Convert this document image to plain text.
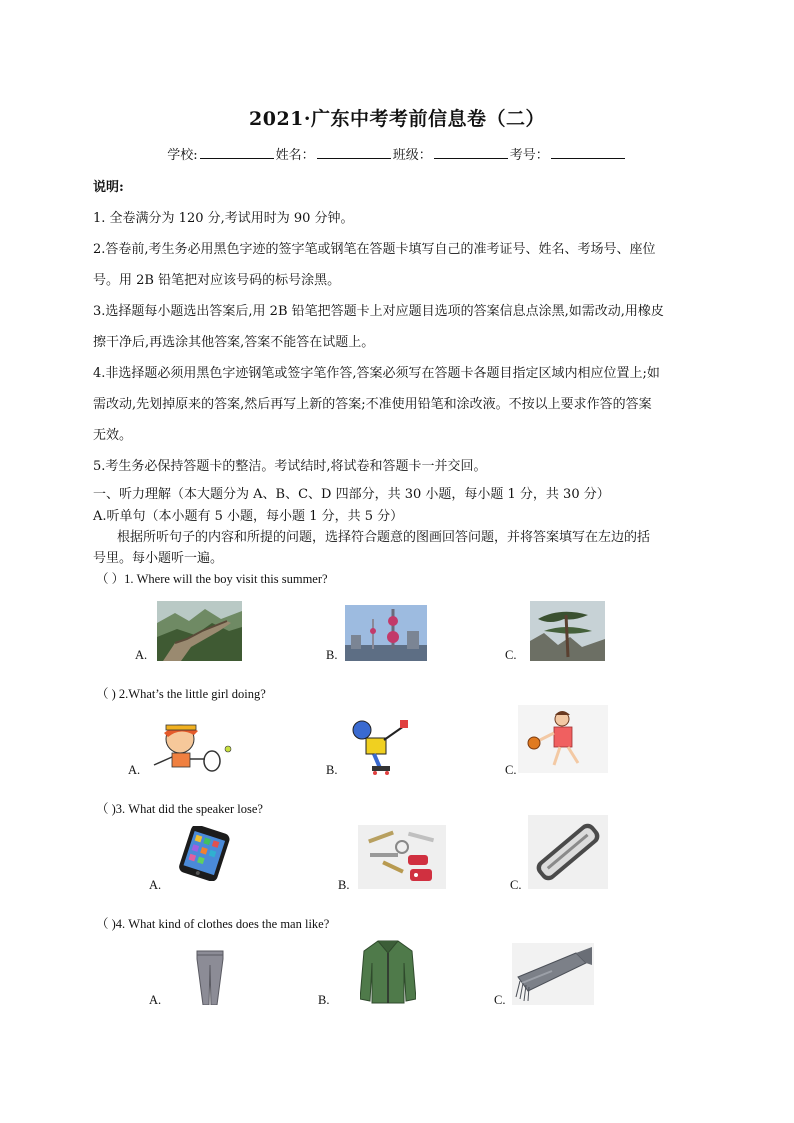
2021·广东中考考前信息卷（二）
学校:	姓名：	班级：	考号：
说明:
1. 全卷满分为 120 分,考试用时为 90 分钟。
2.答卷前,考生务必用黑色字迹的签字笔或钢笔在答题卡填写自己的准考证号、姓名、考场号、座位
号。用 2B 铅笔把对应该号码的标号涂黑。
3.选择题每小题选出答案后,用 2B 铅笔把答题卡上对应题目选项的答案信息点涂黑,如需改动,用橡皮
擦干净后,再选涂其他答案,答案不能答在试题上。
4.非选择题必须用黑色字迹钢笔或签字笔作答,答案必须写在答题卡各题目指定区域内相应位置上;如
需改动,先划掉原来的答案,然后再写上新的答案;不准使用铅笔和涂改液。不按以上要求作答的答案
无效。
5.考生务必保持答题卡的整洁。考试结时,将试卷和答题卡一并交回。
一、听力理解（本大题分为 A、B、C、D 四部分，共 30 小题，每小题 1 分，共 30 分）
A.听单句（本小题有 5 小题，每小题 1 分，共 5 分）
根据所听句子的内容和所提的问题，选择符合题意的图画回答问题，并将答案填写在左边的括
号里。每小题听一遍。
（ ）1. Where will the boy visit this summer?
A.	B.	C.
（ ) 2.What’s the little girl doing?
A.	B.	C.
（ )3. What did the speaker lose?
A.	B.	C.
（ )4. What kind of clothes does the man like?
A.	B.	C.
